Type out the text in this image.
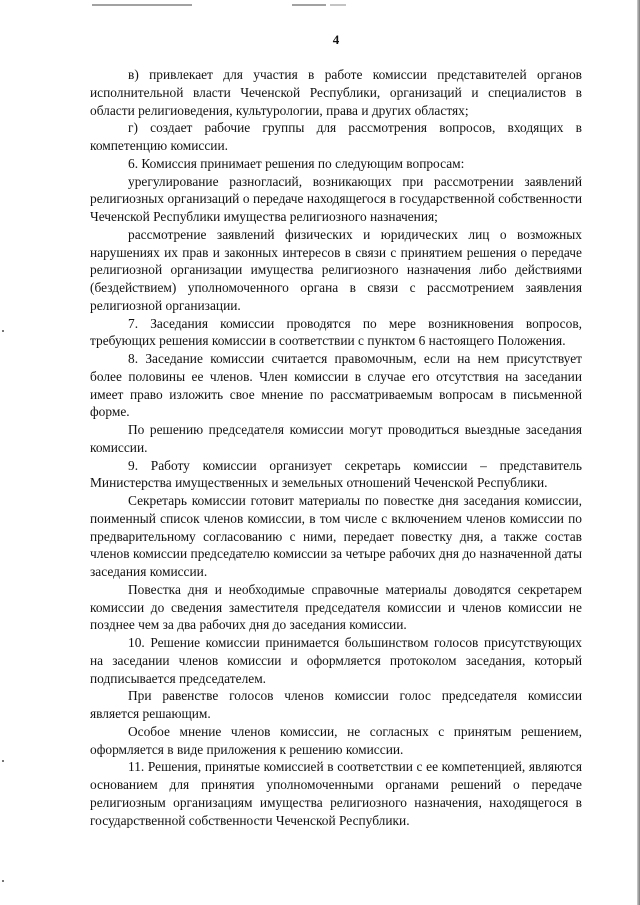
4

в) привлекает для участия в работе комиссии представителей органов исполнительной власти Чеченской Республики, организаций и специалистов в области религиоведения, культурологии, права и других областях;

г) создает рабочие группы для рассмотрения вопросов, входящих в компетенцию комиссии.

6. Комиссия принимает решения по следующим вопросам:

урегулирование разногласий, возникающих при рассмотрении заявлений религиозных организаций о передаче находящегося в государственной собственности Чеченской Республики имущества религиозного назначения;

рассмотрение заявлений физических и юридических лиц о возможных нарушениях их прав и законных интересов в связи с принятием решения о передаче религиозной организации имущества религиозного назначения либо действиями (бездействием) уполномоченного органа в связи с рассмотрением заявления религиозной организации.

7. Заседания комиссии проводятся по мере возникновения вопросов, требующих решения комиссии в соответствии с пунктом 6 настоящего Положения.

8. Заседание комиссии считается правомочным, если на нем присутствует более половины ее членов. Член комиссии в случае его отсутствия на заседании имеет право изложить свое мнение по рассматриваемым вопросам в письменной форме.

По решению председателя комиссии могут проводиться выездные заседания комиссии.

9. Работу комиссии организует секретарь комиссии – представитель Министерства имущественных и земельных отношений Чеченской Республики.

Секретарь комиссии готовит материалы по повестке дня заседания комиссии, поименный список членов комиссии, в том числе с включением членов комиссии по предварительному согласованию с ними, передает повестку дня, а также состав членов комиссии председателю комиссии за четыре рабочих дня до назначенной даты заседания комиссии.

Повестка дня и необходимые справочные материалы доводятся секретарем комиссии до сведения заместителя председателя комиссии и членов комиссии не позднее чем за два рабочих дня до заседания комиссии.

10. Решение комиссии принимается большинством голосов присутствующих на заседании членов комиссии и оформляется протоколом заседания, который подписывается председателем.

При равенстве голосов членов комиссии голос председателя комиссии является решающим.

Особое мнение членов комиссии, не согласных с принятым решением, оформляется в виде приложения к решению комиссии.

11. Решения, принятые комиссией в соответствии с ее компетенцией, являются основанием для принятия уполномоченными органами решений о передаче религиозным организациям имущества религиозного назначения, находящегося в государственной собственности Чеченской Республики.
